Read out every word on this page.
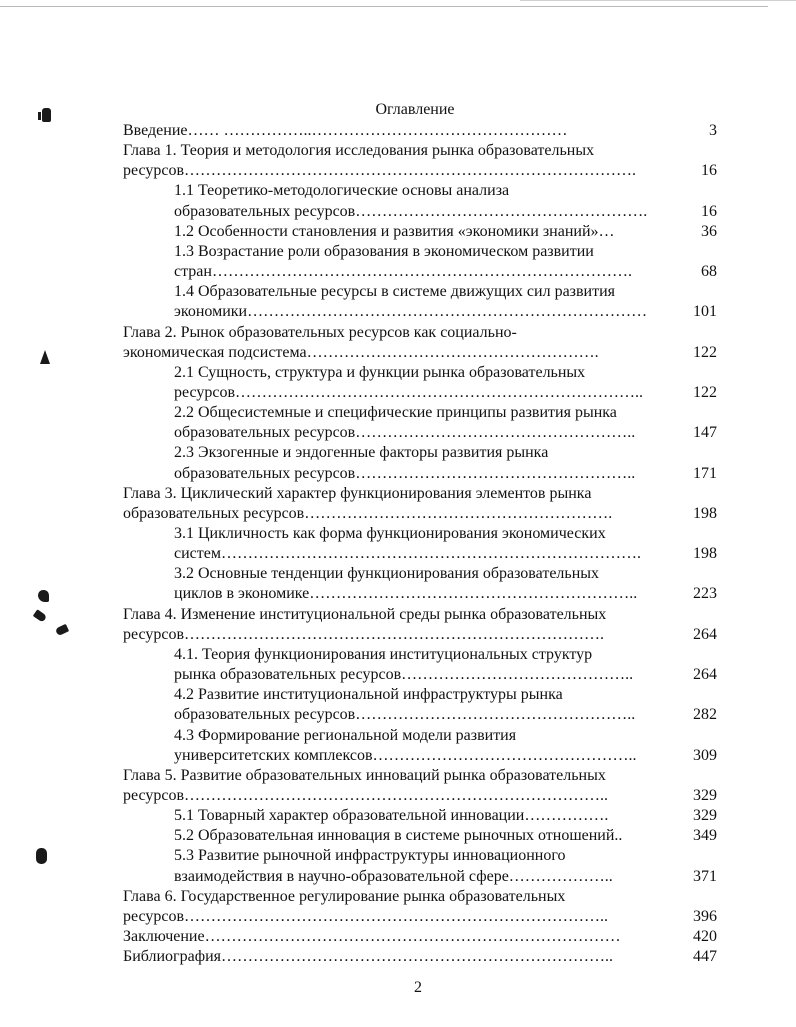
Оглавление
Введение…… ……………..…………………………………………	3
Глава 1. Теория и методология исследования рынка образовательных
ресурсов………………………………………………………………………….	16
1.1 Теоретико-методологические основы анализа
образовательных ресурсов……………………………………………….	16
1.2 Особенности становления и развития «экономики знаний»…	36
1.3 Возрастание роли образования в экономическом развитии
стран…………………………………………………………………….	68
1.4 Образовательные ресурсы в системе движущих сил развития
экономики…………………………………………………………………	101
Глава 2. Рынок образовательных ресурсов как социально-
экономическая подсистема……………………………………………….	122
2.1 Сущность, структура и функции рынка образовательных
ресурсов…………………………………………………………………..	122
2.2 Общесистемные и специфические принципы развития рынка
образовательных ресурсов……………………………………………..	147
2.3 Экзогенные и эндогенные факторы развития рынка
образовательных ресурсов……………………………………………..	171
Глава 3. Циклический характер функционирования элементов рынка
образовательных ресурсов………………………………………………….	198
3.1 Цикличность как форма функционирования экономических
систем…………………………………………………………………….	198
3.2 Основные тенденции функционирования образовательных
циклов в экономике……………………………………………………..	223
Глава 4. Изменение институциональной среды рынка образовательных
ресурсов…………………………………………………………………….	264
4.1. Теория функционирования институциональных структур
рынка образовательных ресурсов……………………………………..	264
4.2 Развитие институциональной инфраструктуры рынка
образовательных ресурсов……………………………………………..	282
4.3 Формирование региональной модели развития
университетских комплексов…………………………………………..	309
Глава 5. Развитие образовательных инноваций рынка образовательных
ресурсов……………………………………………………………………..	329
5.1 Товарный характер образовательной инновации…………….	329
5.2 Образовательная инновация в системе рыночных отношений..	349
5.3 Развитие рыночной инфраструктуры инновационного
взаимодействия в научно-образовательной сфере………………..	371
Глава 6. Государственное регулирование рынка образовательных
ресурсов……………………………………………………………………..	396
Заключение……………………………………………………………………	420
Библиография………………………………………………………………..	447
2
